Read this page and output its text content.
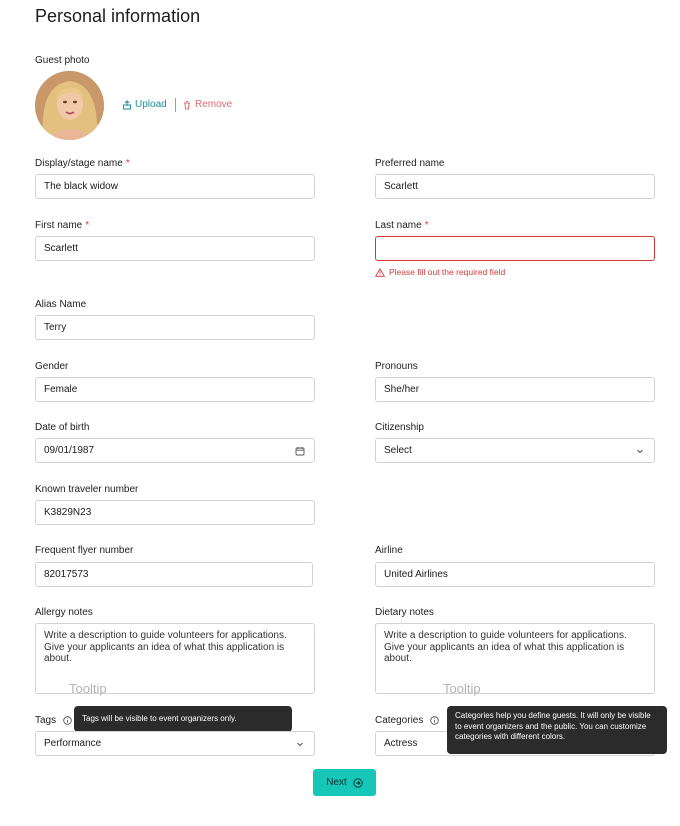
Personal information
Guest photo
Upload	Remove
Display/stage name *
The black widow
Preferred name
Scarlett
First name *
Scarlett
Last name *
Please fill out the required field
Alias Name
Terry
Gender
Female
Pronouns
She/her
Date of birth
09/01/1987
Citizenship
Select
Known traveler number
K3829N23
Frequent flyer number
82017573
Airline
United Airlines
Allergy notes
Write a description to guide volunteers for applications. Give your applicants an idea of what this application is about.
Tooltip
Dietary notes
Write a description to guide volunteers for applications. Give your applicants an idea of what this application is about.
Tooltip
Tags	Tags will be visible to event organizers only.
Performance
Categories
Actress
Categories help you define guests. It will only be visible to event organizers and the public. You can customize categories with different colors.
Next
